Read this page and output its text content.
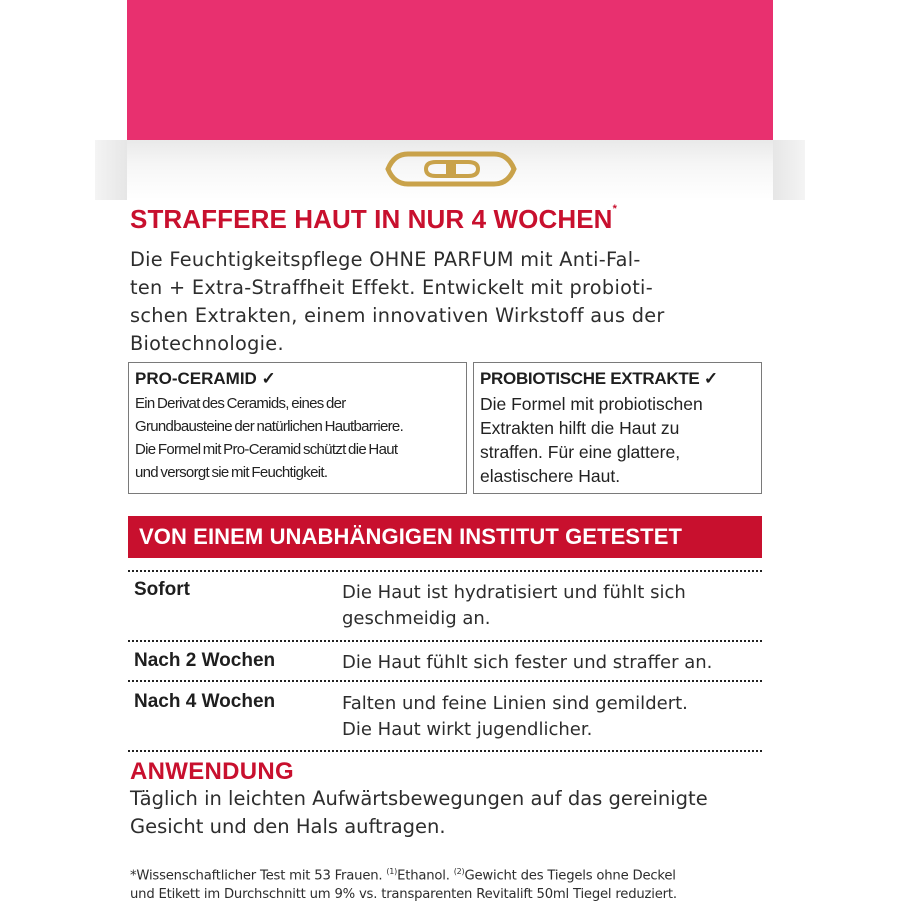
STRAFFERE HAUT IN NUR 4 WOCHEN*

Die Feuchtigkeitspflege OHNE PARFUM mit Anti-Fal-
ten + Extra-Straffheit Effekt. Entwickelt mit probioti-
schen Extrakten, einem innovativen Wirkstoff aus der
Biotechnologie.

PRO-CERAMID ✓

Ein Derivat des Ceramids, eines der
Grundbausteine der natürlichen Hautbarriere.
Die Formel mit Pro-Ceramid schützt die Haut
und versorgt sie mit Feuchtigkeit.

PROBIOTISCHE EXTRAKTE ✓

Die Formel mit probiotischen
Extrakten hilft die Haut zu
straffen. Für eine glattere,
elastischere Haut.

VON EINEM UNABHÄNGIGEN INSTITUT GETESTET
Sofort	Die Haut ist hydratisiert und fühlt sich
geschmeidig an.
Nach 2 Wochen	Die Haut fühlt sich fester und straffer an.
Nach 4 Wochen	Falten und feine Linien sind gemildert.
Die Haut wirkt jugendlicher.
ANWENDUNG

Täglich in leichten Aufwärtsbewegungen auf das gereinigte
Gesicht und den Hals auftragen.

*Wissenschaftlicher Test mit 53 Frauen. $^{(1)}$Ethanol. $^{(2)}$Gewicht des Tiegels ohne Deckel
und Etikett im Durchschnitt um 9% vs. transparenten Revitalift 50ml Tiegel reduziert.
